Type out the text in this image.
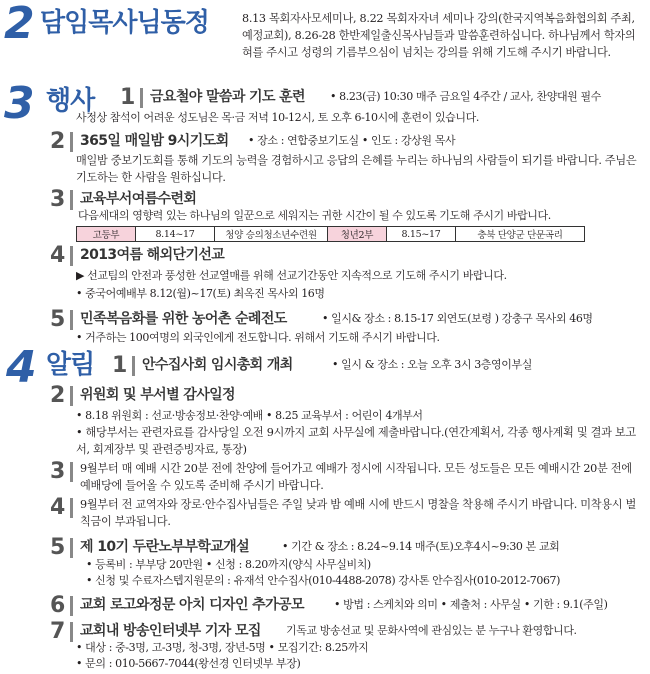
2 담임목사님동정	8.13 목회자사모세미나, 8.22 목회자자녀 세미나 강의(한국지역복음화협의회 주최, 예정교회), 8.26-28 한반제일출신목사님들과 말씀훈련하십니다. 하나님께서 학자의 혀를 주시고 성령의 기름부으심이 넘치는 강의를 위해 기도해 주시기 바랍니다.
3 행사 1 금요철야 말씀과 기도 훈련 • 8.23(금) 10:30 매주 금요일 4주간 / 교사, 찬양대원 필수
사정상 참석이 어려운 성도님은 목·금 저녁 10-12시, 토 오후 6-10시에 훈련이 있습니다.
2 365일 매일밤 9시기도회 • 장소 : 연합중보기도실 • 인도 : 강상원 목사
매일밤 중보기도회를 통해 기도의 능력을 경험하시고 응답의 은혜를 누리는 하나님의 사람들이 되기를 바랍니다. 주님은 기도하는 한 사람을 원하십니다.
3 교육부서여름수련회
다음세대의 영향력 있는 하나님의 일꾼으로 세워지는 귀한 시간이 될 수 있도록 기도해 주시기 바랍니다.
고등부	8.14~17	청양 승의청소년수련원	청년2부	8.15~17	충북 단양군 단문곡리
4 2013여름 해외단기선교
▶ 선교팀의 안전과 풍성한 선교열매를 위해 선교기간동안 지속적으로 기도해 주시기 바랍니다.
• 중국어예배부 8.12(월)~17(토) 최옥진 목사외 16명
5 민족복음화를 위한 농어촌 순례전도	• 일시& 장소 : 8.15-17 외연도(보령 ) 강충구 목사외 46명
• 거주하는 100여명의 외국인에게 전도합니다. 위해서 기도해 주시기 바랍니다.
4 알림 1 안수집사회 임시총회 개최	• 일시 & 장소 : 오늘 오후 3시 3층영이부실
2 위원회 및 부서별 감사일정
• 8.18 위원회 : 선교·방송정보·찬양·예배 • 8.25 교육부서 : 어린이 4개부서
• 해당부서는 관련자료를 감사당일 오전 9시까지 교회 사무실에 제출바랍니다.(연간계획서, 각종 행사계획 및 결과 보고서, 회계장부 및 관련증빙자료, 통장)
3 9월부터 매 예배 시간 20분 전에 찬양에 들어가고 예배가 정시에 시작됩니다. 모든 성도들은 모든 예배시간 20분 전에 예배당에 들어올 수 있도록 준비해 주시기 바랍니다.
4 9월부터 전 교역자와 장로·안수집사님들은 주일 낮과 밤 예배 시에 반드시 명찰을 착용해 주시기 바랍니다. 미착용시 벌칙금이 부과됩니다.
5 제 10기 두란노부부학교개설	• 기간 & 장소 : 8.24~9.14 매주(토)오후4시~9:30 본 교회
• 등록비 : 부부당 20만원 • 신청 : 8.20까지(양식 사무실비치)
• 신청 및 수료자스텝지원문의 : 유재석 안수집사(010-4488-2078) 강사톤 안수집사(010-2012-7067)
6 교회 로고와정문 아치 디자인 추가공모	• 방법 : 스케치와 의미 • 제출처 : 사무실 • 기한 : 9.1(주일)
7 교회내 방송인터넷부 기자 모집 기독교 방송선교 및 문화사역에 관심있는 분 누구나 환영합니다.
• 대상 : 중-3명, 고-3명, 청-3명, 장년-5명 • 모집기간: 8.25까지
• 문의 : 010-5667-7044(왕선경 인터넷부 부장)
